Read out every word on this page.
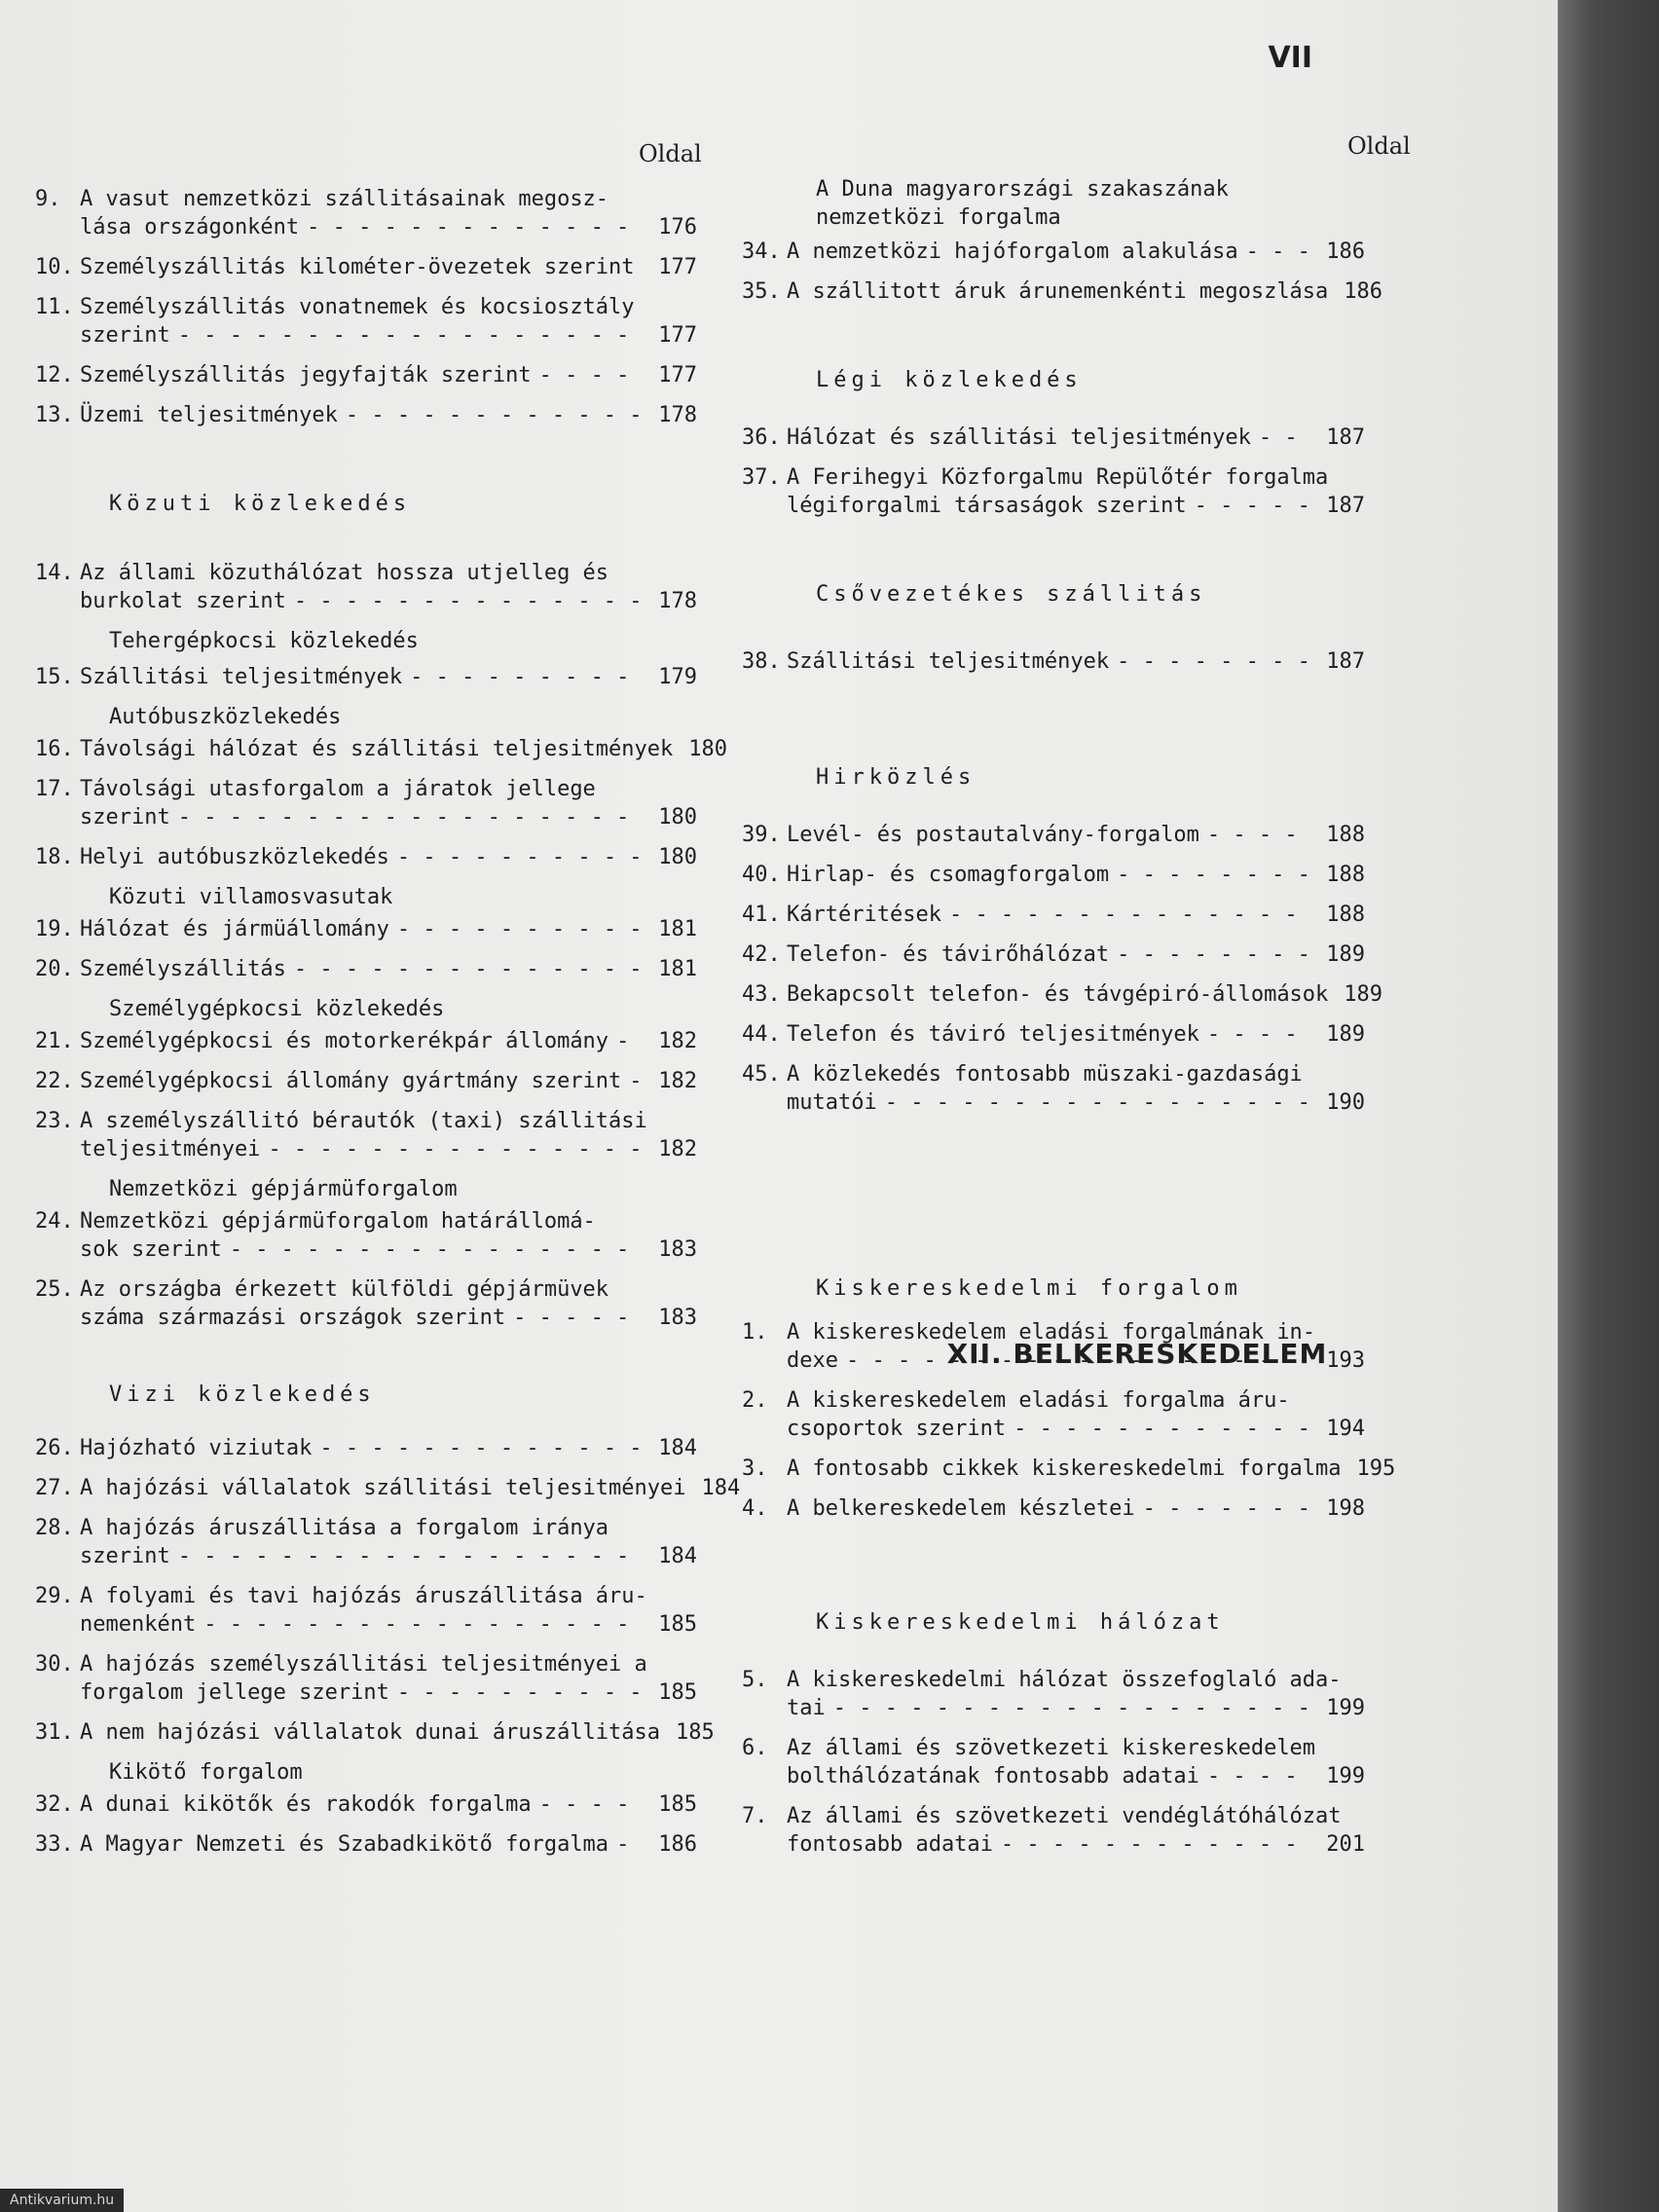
VII
Oldal	Oldal
9. A vasut nemzetközi szállitásainak megosz-
lása országonként - - -	176
10. Személyszállitás kilométer-övezetek szerint - - - 177
11. Személyszállitás vonatnemek és kocsiosztály
szerint - - -	177
12. Személyszállitás jegyfajták szerint - - -	177
13. Üzemi teljesitmények - - -	178
Közuti közlekedés
14. Az állami közuthálózat hossza utjelleg és
burkolat szerint - - -	178
Tehergépkocsi közlekedés
15. Szállitási teljesitmények - - -	179
Autóbuszközlekedés
16. Távolsági hálózat és szállitási teljesitmények 180
17. Távolsági utasforgalom a járatok jellege
szerint - - -	180
18. Helyi autóbuszközlekedés - - -	180
Közuti villamosvasutak
19. Hálózat és jármüállomány - - -	181
20. Személyszállitás - - -	181
Személygépkocsi közlekedés
21. Személygépkocsi és motorkerékpár állomány - - - 182
22. Személygépkocsi állomány gyártmány szerint - - - 182
23. A személyszállitó bérautók (taxi) szállitási
teljesitményei - - -	182
Nemzetközi gépjármüforgalom
24. Nemzetközi gépjármüforgalom határállomá-
sok szerint - - -	183
25. Az országba érkezett külföldi gépjármüvek
száma származási országok szerint - - -	183
Vizi közlekedés
26. Hajózható viziutak - - -	184
27. A hajózási vállalatok szállitási teljesitményei 184
28. A hajózás áruszállitása a forgalom iránya
szerint - - -	184
29. A folyami és tavi hajózás áruszállitása áru-
nemenként - - -	185
30. A hajózás személyszállitási teljesitményei a
forgalom jellege szerint - - -	185
31. A nem hajózási vállalatok dunai áruszállitása 185
Kikötő forgalom
32. A dunai kikötők és rakodók forgalma - - -	185
33. A Magyar Nemzeti és Szabadkikötő forgalma - - - 186
A Duna magyarországi szakaszának
nemzetközi forgalma
34. A nemzetközi hajóforgalom alakulása - - -	186
35. A szállitott áruk árunemenkénti megoszlása 186
Légi közlekedés
36. Hálózat és szállitási teljesitmények - - -	187
37. A Ferihegyi Közforgalmu Repülőtér forgalma
légiforgalmi társaságok szerint - - -	187
Csővezetékes szállitás
38. Szállitási teljesitmények - - -	187
Hirközlés
39. Levél- és postautalvány-forgalom - - -	188
40. Hirlap- és csomagforgalom - - -	188
41. Kártéritések - - -	188
42. Telefon- és távirőhálózat - - -	189
43. Bekapcsolt telefon- és távgépiró-állomások 189
44. Telefon és táviró teljesitmények - - -	189
45. A közlekedés fontosabb müszaki-gazdasági
mutatói - - -	190
Kiskereskedelmi forgalom
1. A kiskereskedelem eladási forgalmának in-
dexe - - -	193
2. A kiskereskedelem eladási forgalma áru-
csoportok szerint - - -	194
3. A fontosabb cikkek kiskereskedelmi forgalma 195
4. A belkereskedelem készletei - - -	198
Kiskereskedelmi hálózat
5. A kiskereskedelmi hálózat összefoglaló ada-
tai - - -	199
6. Az állami és szövetkezeti kiskereskedelem
bolthálózatának fontosabb adatai - - -	199
7. Az állami és szövetkezeti vendéglátóhálózat
fontosabb adatai - - -	201
XII. BELKERESKEDELEM
Antikvarium.hu
